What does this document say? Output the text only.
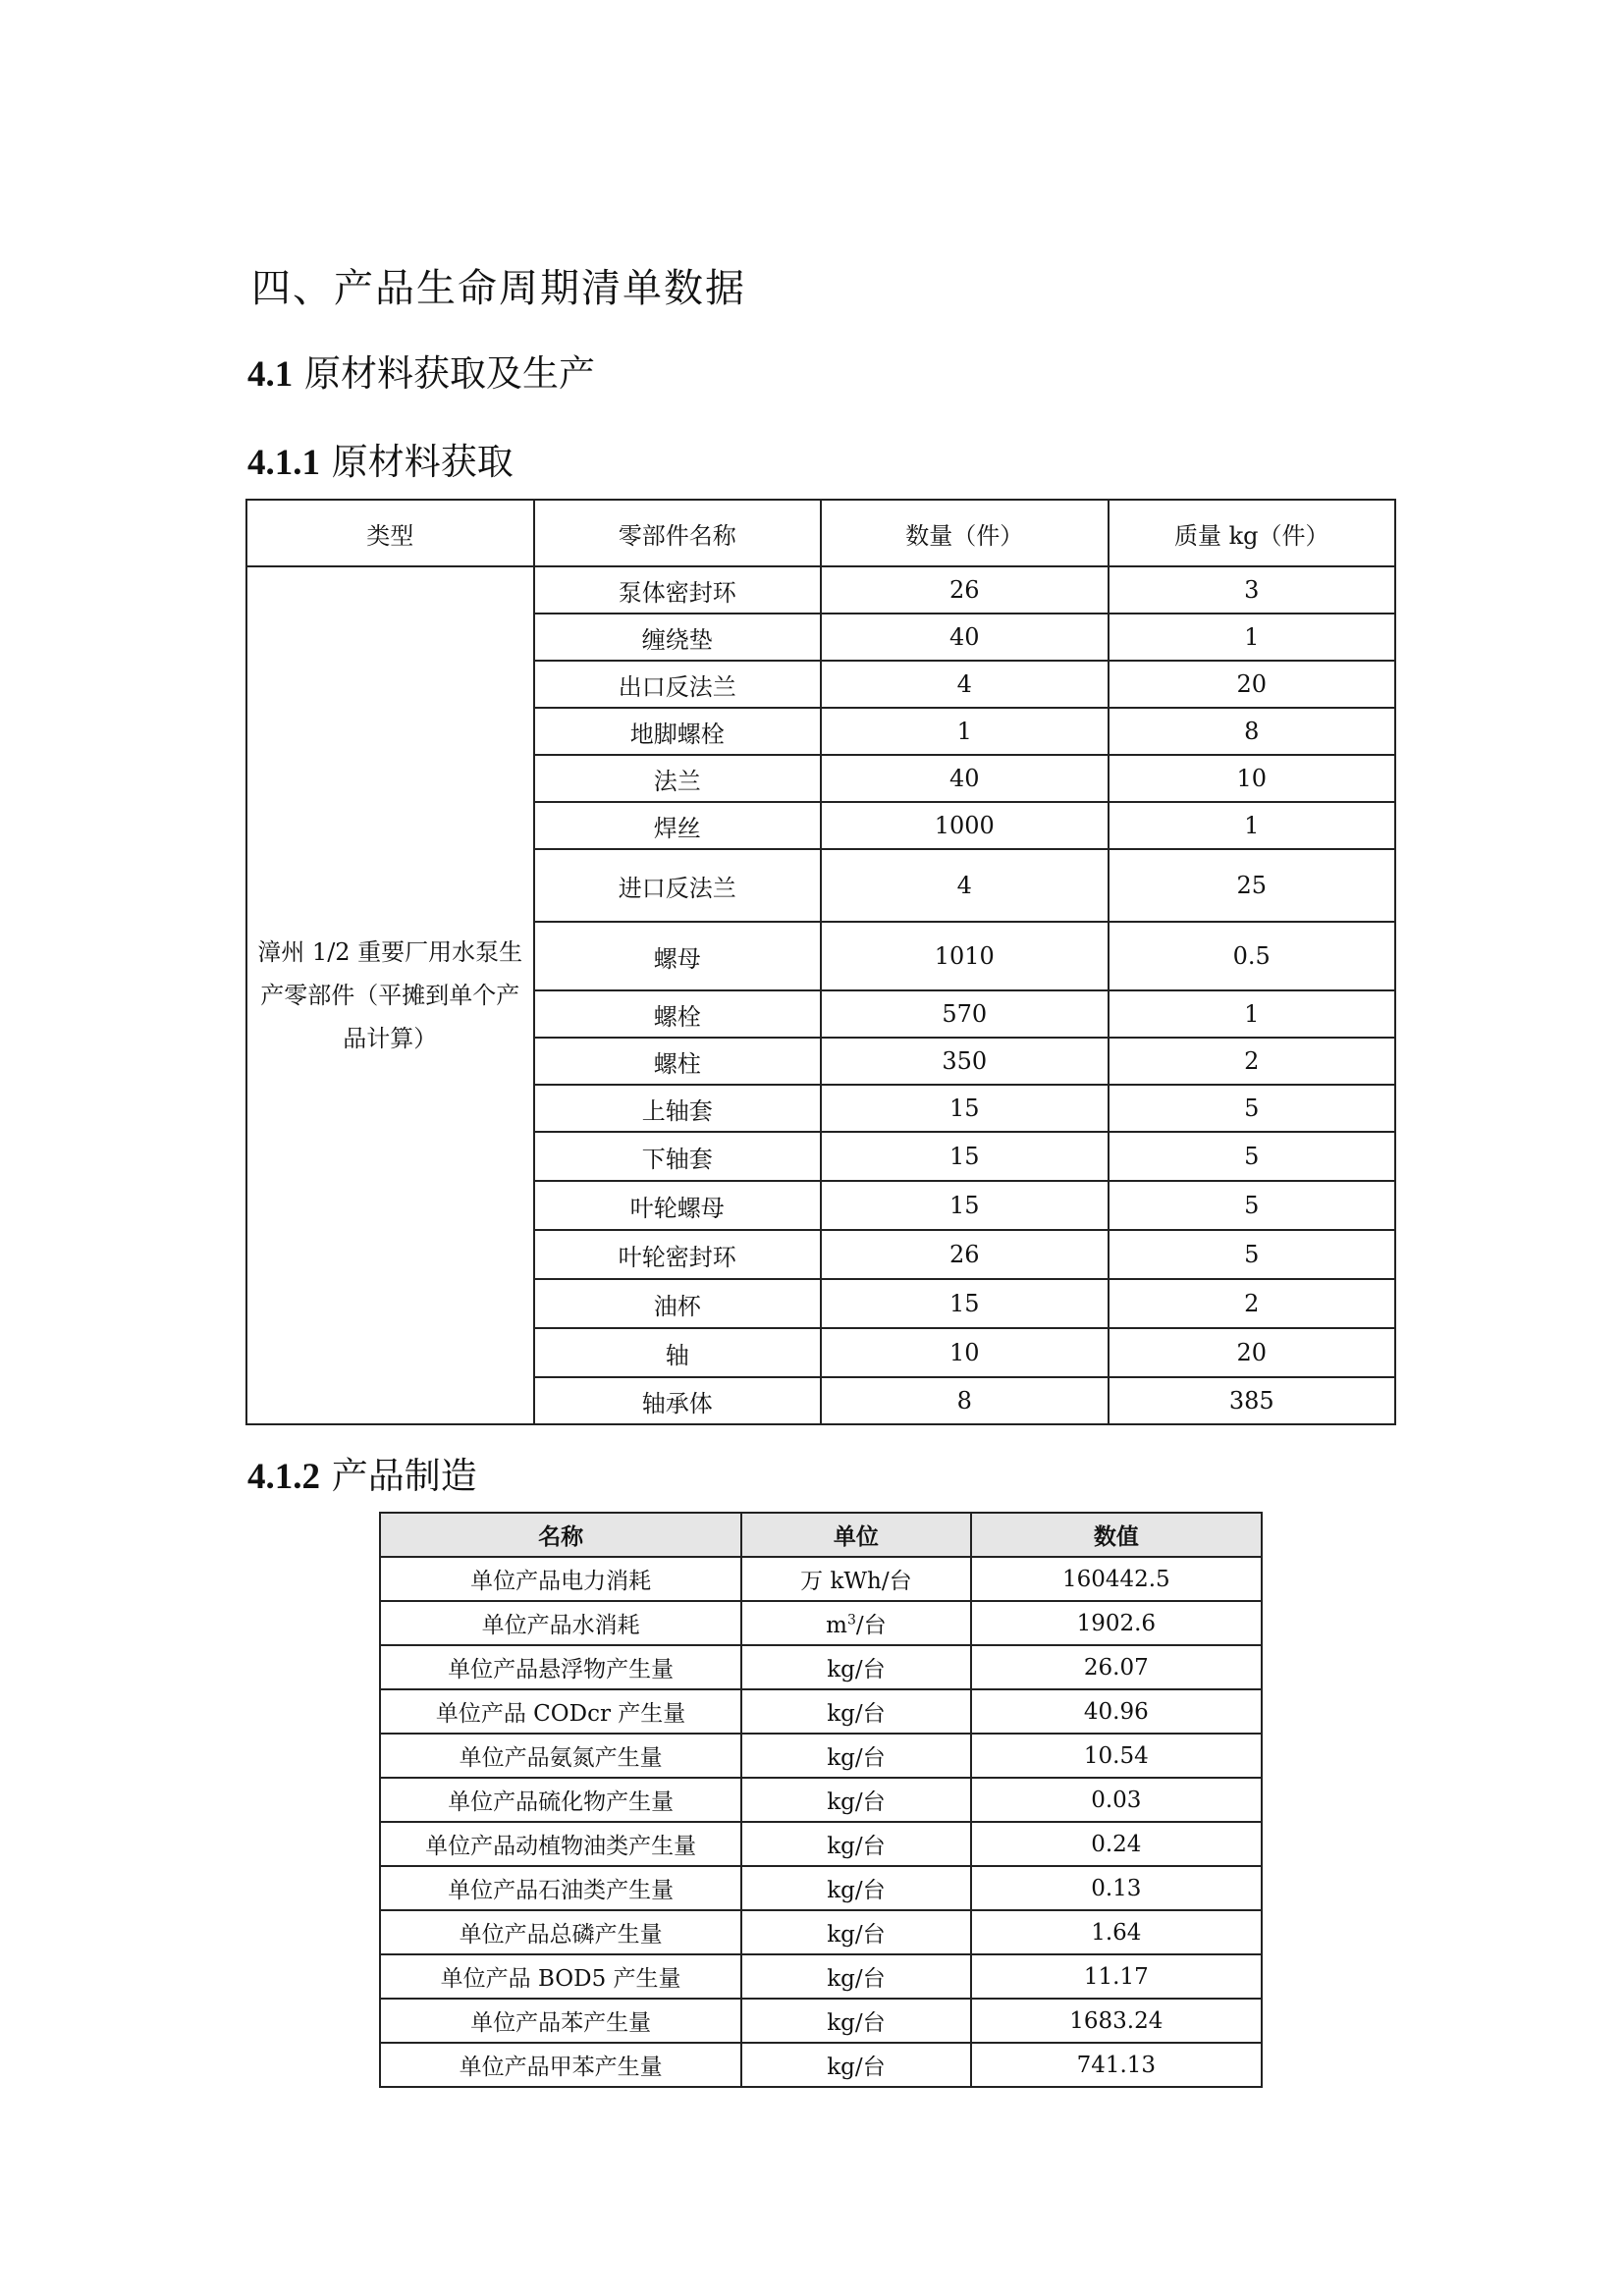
四、产品生命周期清单数据
4.1 原材料获取及生产
4.1.1 原材料获取
类型	零部件名称	数量（件）	质量 kg（件）
漳州 1/2 重要厂用水泵生产零部件（平摊到单个产品计算）	泵体密封环	26	3
	缠绕垫	40	1
	出口反法兰	4	20
	地脚螺栓	1	8
	法兰	40	10
	焊丝	1000	1
	进口反法兰	4	25
	螺母	1010	0.5
	螺栓	570	1
	螺柱	350	2
	上轴套	15	5
	下轴套	15	5
	叶轮螺母	15	5
	叶轮密封环	26	5
	油杯	15	2
	轴	10	20
	轴承体	8	385
4.1.2 产品制造
名称	单位	数值
单位产品电力消耗	万 kWh/台	160442.5
单位产品水消耗	$m^3/$台	1902.6
单位产品悬浮物产生量	kg/台	26.07
单位产品 CODcr 产生量	kg/台	40.96
单位产品氨氮产生量	kg/台	10.54
单位产品硫化物产生量	kg/台	0.03
单位产品动植物油类产生量	kg/台	0.24
单位产品石油类产生量	kg/台	0.13
单位产品总磷产生量	kg/台	1.64
单位产品 BOD5 产生量	kg/台	11.17
单位产品苯产生量	kg/台	1683.24
单位产品甲苯产生量	kg/台	741.13
